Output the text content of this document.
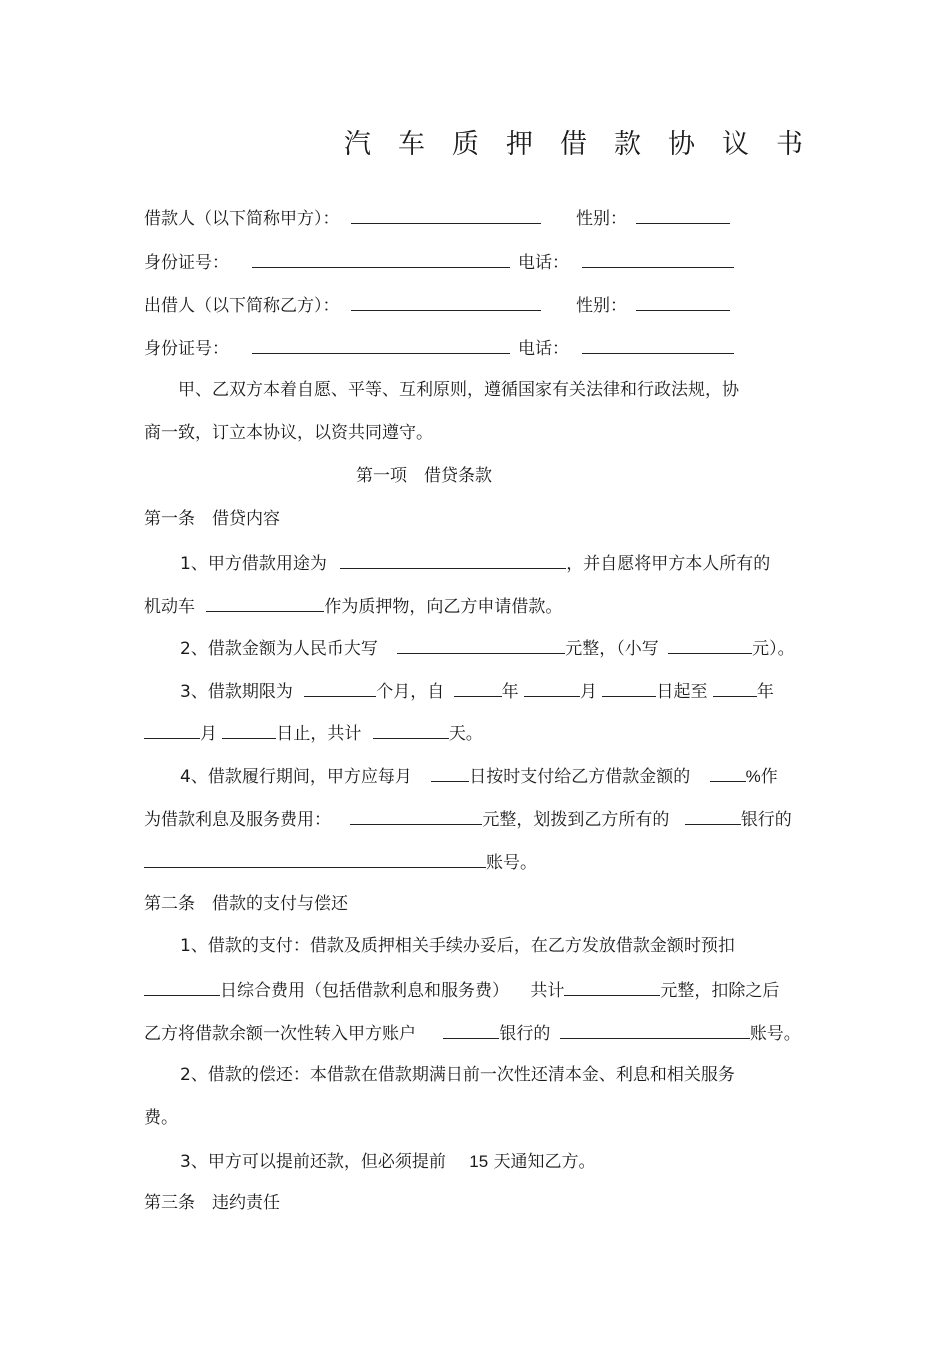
汽车质押借款协议书
借款人（以下简称甲方）：	性别：
身份证号：	电话：
出借人（以下简称乙方）：	性别：
身份证号：	电话：
甲、乙双方本着自愿、平等、互利原则，遵循国家有关法律和行政法规，协
商一致，订立本协议，以资共同遵守。
第一项　借贷条款
第一条　借贷内容
1、甲方借款用途为	，并自愿将甲方本人所有的
机动车	作为质押物，向乙方申请借款。
2、借款金额为人民币大写	元整，（小写	元）。
3、借款期限为	个月，自	年	月	日起至	年
月	日止，共计	天。
4、借款履行期间，甲方应每月	日按时支付给乙方借款金额的	%作
为借款利息及服务费用：	元整，划拨到乙方所有的	银行的
账号。
第二条　借款的支付与偿还
1、借款的支付：借款及质押相关手续办妥后，在乙方发放借款金额时预扣
日综合费用（包括借款利息和服务费） 共计	元整，扣除之后
乙方将借款余额一次性转入甲方账户	银行的	账号。
2、借款的偿还：本借款在借款期满日前一次性还清本金、利息和相关服务
费。
3、甲方可以提前还款，但必须提前 15 天通知乙方。
第三条　违约责任
